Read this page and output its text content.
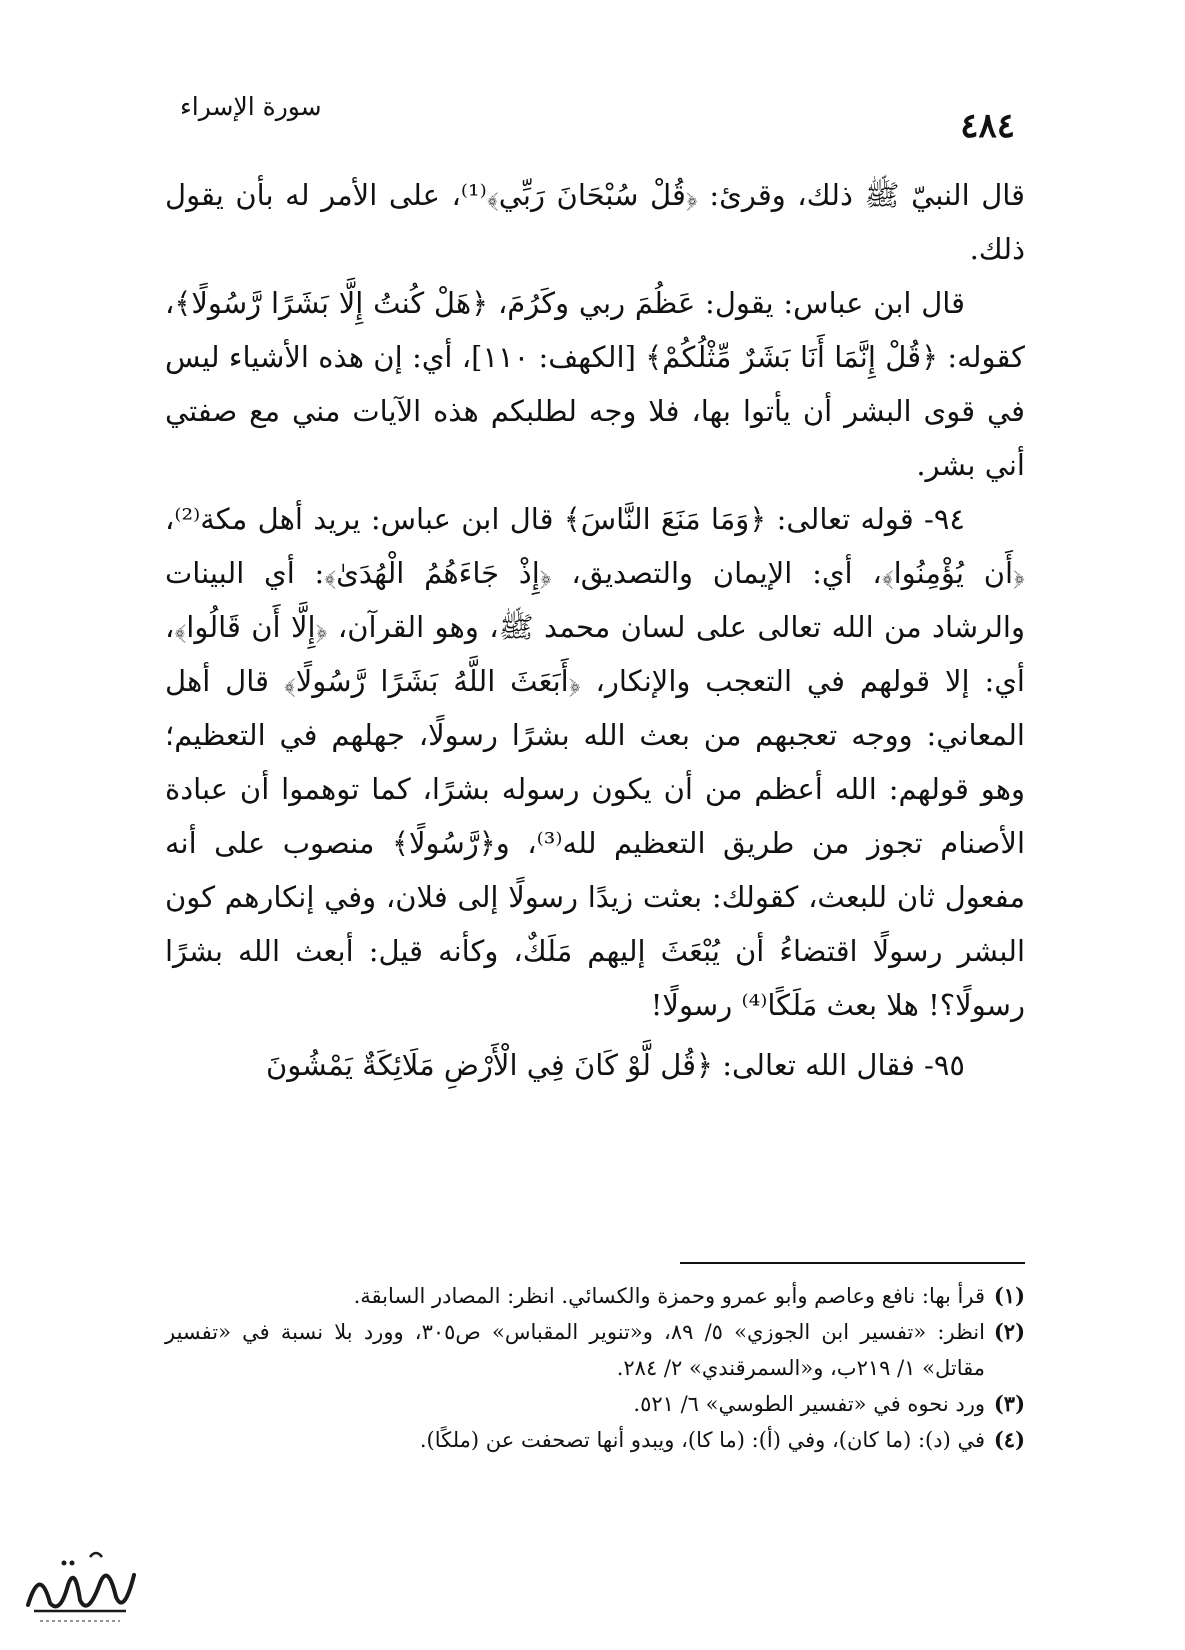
٤٨٤
سورة الإسراء

قال النبيّ ﷺ ذلك، وقرئ: ﴿قُلْ سُبْحَانَ رَبِّي﴾⁽¹⁾، على الأمر له بأن يقول ذلك.

قال ابن عباس: يقول: عَظُمَ ربي وكَرُمَ، ﴿هَلْ كُنتُ إِلَّا بَشَرًا رَّسُولًا﴾، كقوله: ﴿قُلْ إِنَّمَا أَنَا بَشَرٌ مِّثْلُكُمْ﴾ [الكهف: ١١٠]، أي: إن هذه الأشياء ليس في قوى البشر أن يأتوا بها، فلا وجه لطلبكم هذه الآيات مني مع صفتي أني بشر.

٩٤- قوله تعالى: ﴿وَمَا مَنَعَ النَّاسَ﴾ قال ابن عباس: يريد أهل مكة⁽²⁾، ﴿أَن يُؤْمِنُوا﴾، أي: الإيمان والتصديق، ﴿إِذْ جَاءَهُمُ الْهُدَىٰ﴾: أي البينات والرشاد من الله تعالى على لسان محمد ﷺ، وهو القرآن، ﴿إِلَّا أَن قَالُوا﴾، أي: إلا قولهم في التعجب والإنكار، ﴿أَبَعَثَ اللَّهُ بَشَرًا رَّسُولًا﴾ قال أهل المعاني: ووجه تعجبهم من بعث الله بشرًا رسولًا، جهلهم في التعظيم؛ وهو قولهم: الله أعظم من أن يكون رسوله بشرًا، كما توهموا أن عبادة الأصنام تجوز من طريق التعظيم لله⁽³⁾، و﴿رَّسُولًا﴾ منصوب على أنه مفعول ثان للبعث، كقولك: بعثت زيدًا رسولًا إلى فلان، وفي إنكارهم كون البشر رسولًا اقتضاءُ أن يُبْعَثَ إليهم مَلَكٌ، وكأنه قيل: أبعث الله بشرًا رسولًا؟! هلا بعث مَلَكًا⁽⁴⁾ رسولًا!

٩٥- فقال الله تعالى: ﴿قُل لَّوْ كَانَ فِي الْأَرْضِ مَلَائِكَةٌ يَمْشُونَ

(١)
قرأ بها: نافع وعاصم وأبو عمرو وحمزة والكسائي. انظر: المصادر السابقة.
(٢)
انظر: «تفسير ابن الجوزي» ٥/ ٨٩، و«تنوير المقباس» ص٣٠٥، وورد بلا نسبة في «تفسير مقاتل» ١/ ٢١٩ب، و«السمرقندي» ٢/ ٢٨٤.
(٣)
ورد نحوه في «تفسير الطوسي» ٦/ ٥٢١.
(٤)
في (د): (ما كان)، وفي (أ): (ما كا)، ويبدو أنها تصحفت عن (ملكًا).
